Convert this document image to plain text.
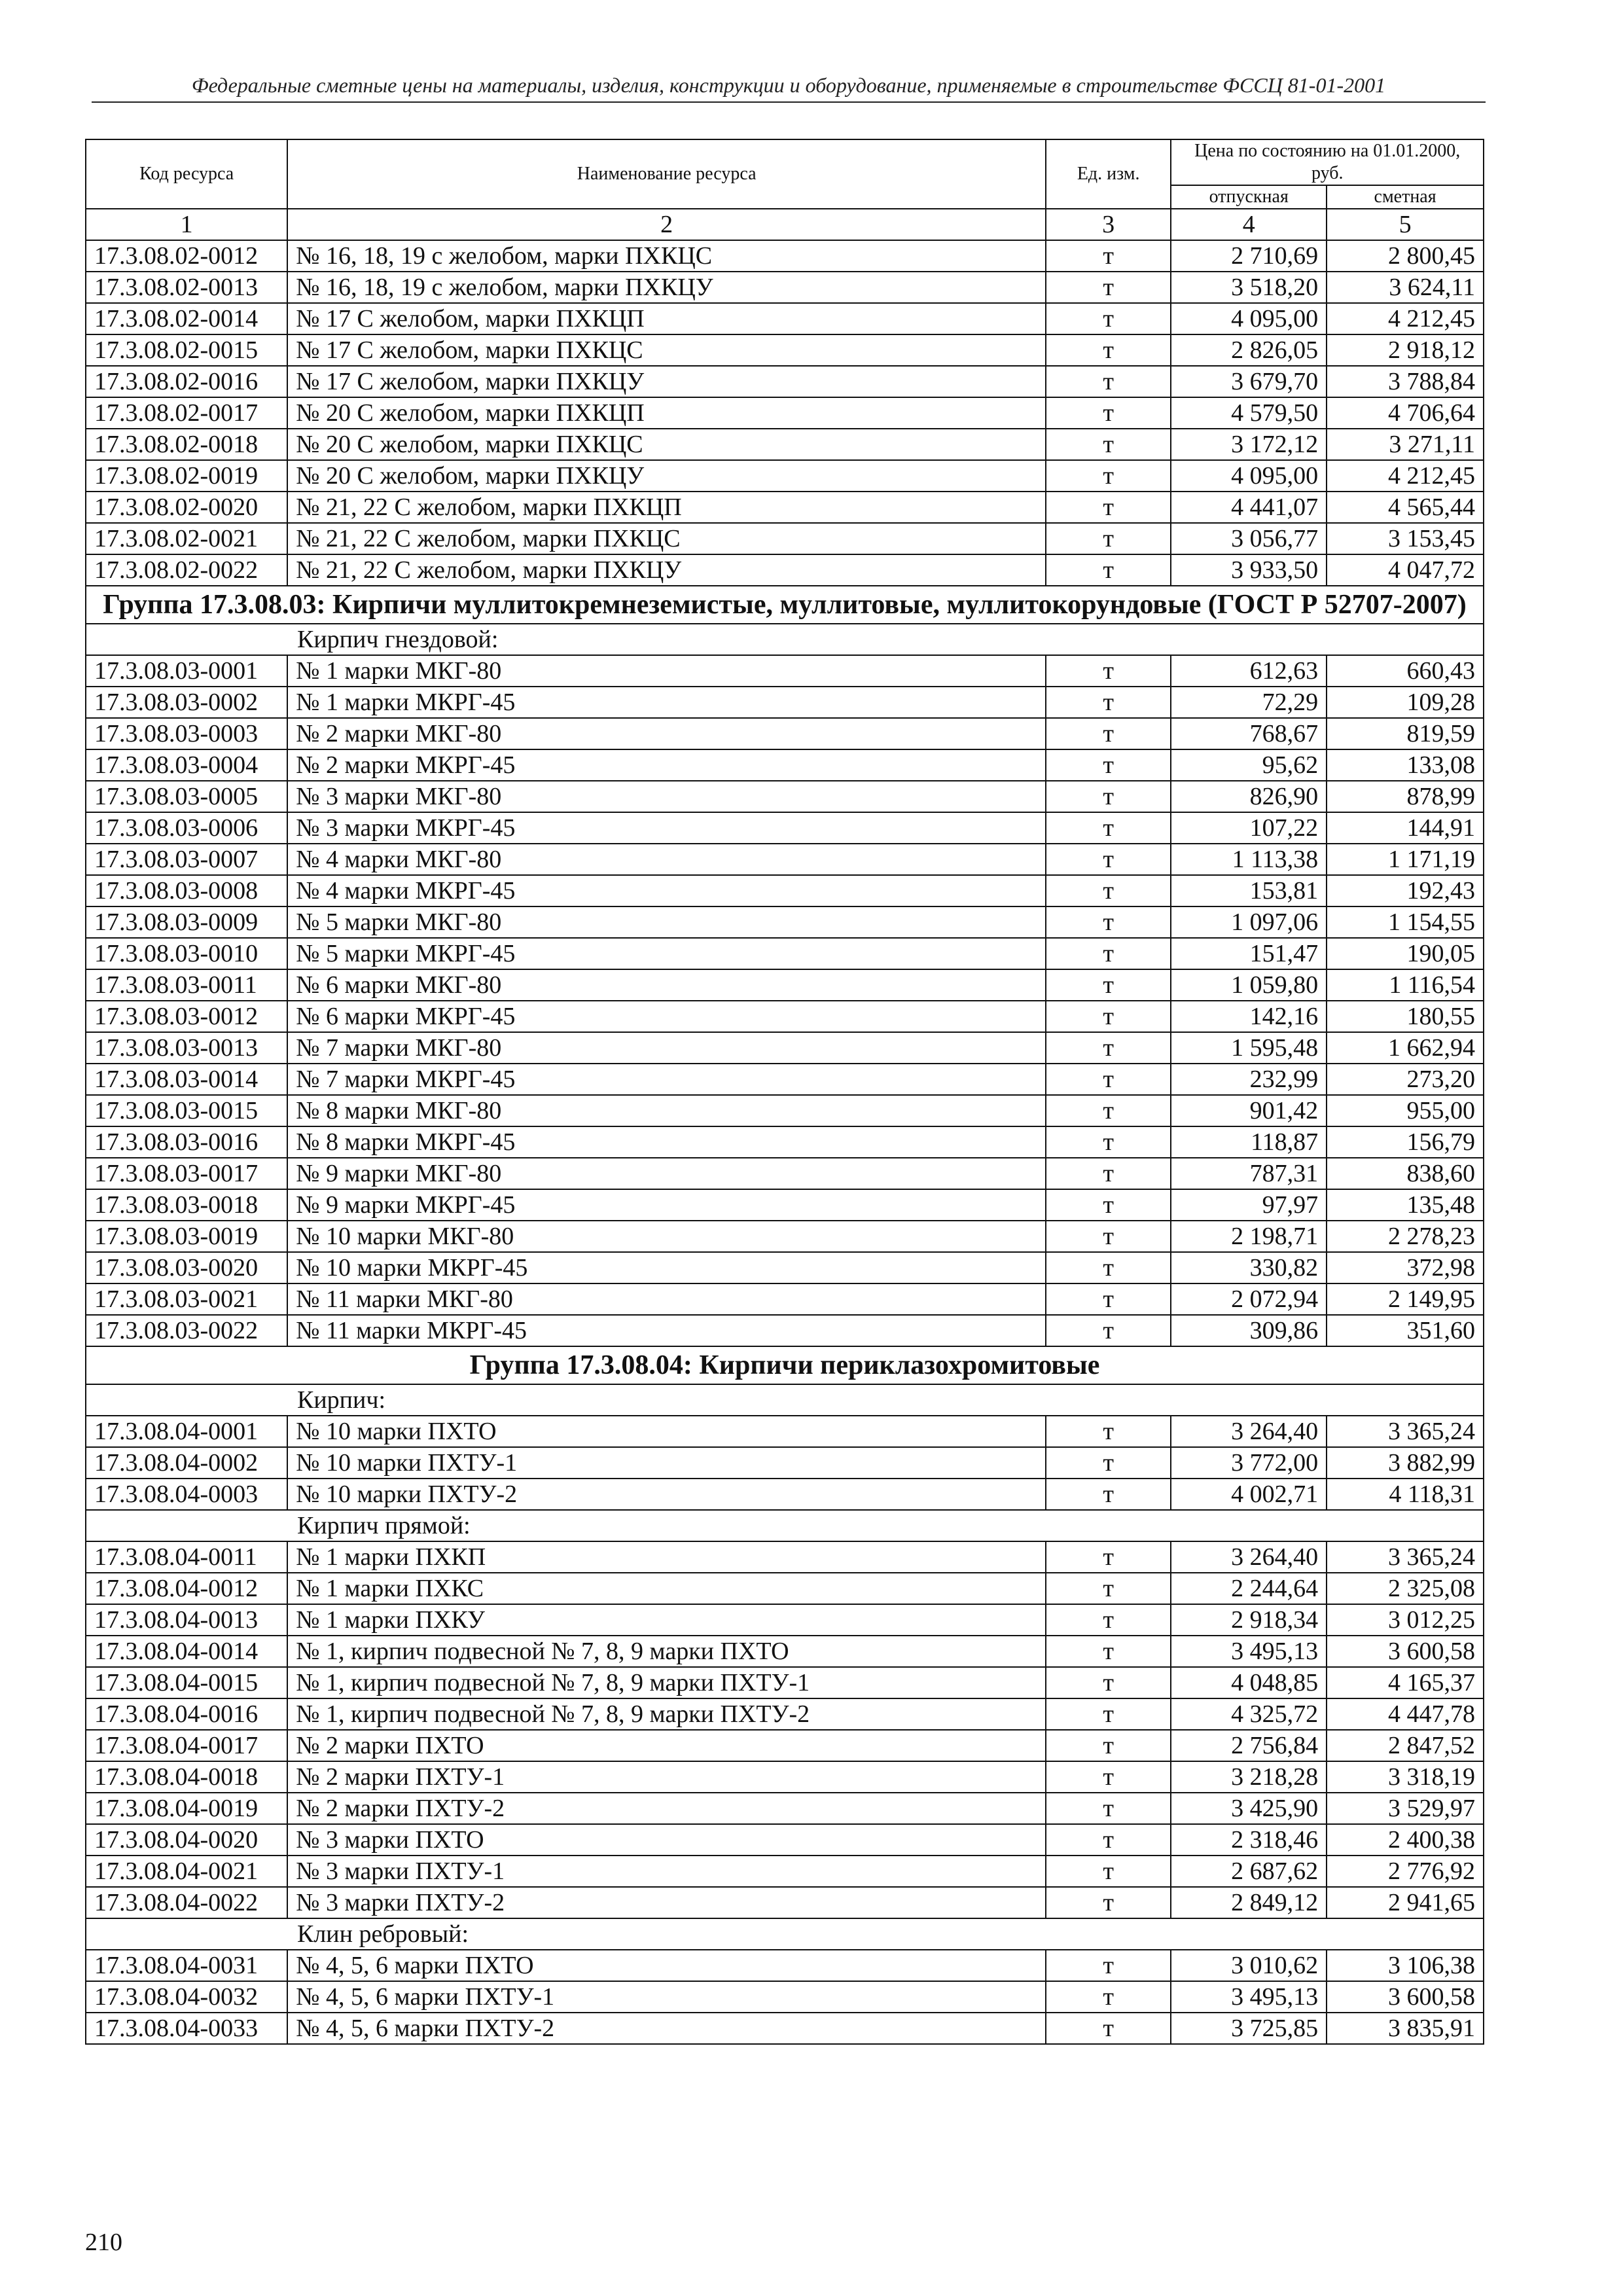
Федеральные сметные цены на материалы, изделия, конструкции и оборудование, применяемые в строительстве ФССЦ 81-01-2001
Код ресурса	Наименование ресурса	Ед. изм.	Цена по состоянию на 01.01.2000, руб.	
			отпускная	сметная
1	2	3	4	5
17.3.08.02-0012	№ 16, 18, 19 с желобом, марки ПХКЦС	т	2 710,69	2 800,45
17.3.08.02-0013	№ 16, 18, 19 с желобом, марки ПХКЦУ	т	3 518,20	3 624,11
17.3.08.02-0014	№ 17 С желобом, марки ПХКЦП	т	4 095,00	4 212,45
17.3.08.02-0015	№ 17 С желобом, марки ПХКЦС	т	2 826,05	2 918,12
17.3.08.02-0016	№ 17 С желобом, марки ПХКЦУ	т	3 679,70	3 788,84
17.3.08.02-0017	№ 20 С желобом, марки ПХКЦП	т	4 579,50	4 706,64
17.3.08.02-0018	№ 20 С желобом, марки ПХКЦС	т	3 172,12	3 271,11
17.3.08.02-0019	№ 20 С желобом, марки ПХКЦУ	т	4 095,00	4 212,45
17.3.08.02-0020	№ 21, 22 С желобом, марки ПХКЦП	т	4 441,07	4 565,44
17.3.08.02-0021	№ 21, 22 С желобом, марки ПХКЦС	т	3 056,77	3 153,45
17.3.08.02-0022	№ 21, 22 С желобом, марки ПХКЦУ	т	3 933,50	4 047,72
Группа 17.3.08.03: Кирпичи муллитокремнеземистые, муллитовые, муллитокорундовые (ГОСТ Р 52707-2007)				
Кирпич гнездовой:				
17.3.08.03-0001	№ 1 марки МКГ-80	т	612,63	660,43
17.3.08.03-0002	№ 1 марки МКРГ-45	т	72,29	109,28
17.3.08.03-0003	№ 2 марки МКГ-80	т	768,67	819,59
17.3.08.03-0004	№ 2 марки МКРГ-45	т	95,62	133,08
17.3.08.03-0005	№ 3 марки МКГ-80	т	826,90	878,99
17.3.08.03-0006	№ 3 марки МКРГ-45	т	107,22	144,91
17.3.08.03-0007	№ 4 марки МКГ-80	т	1 113,38	1 171,19
17.3.08.03-0008	№ 4 марки МКРГ-45	т	153,81	192,43
17.3.08.03-0009	№ 5 марки МКГ-80	т	1 097,06	1 154,55
17.3.08.03-0010	№ 5 марки МКРГ-45	т	151,47	190,05
17.3.08.03-0011	№ 6 марки МКГ-80	т	1 059,80	1 116,54
17.3.08.03-0012	№ 6 марки МКРГ-45	т	142,16	180,55
17.3.08.03-0013	№ 7 марки МКГ-80	т	1 595,48	1 662,94
17.3.08.03-0014	№ 7 марки МКРГ-45	т	232,99	273,20
17.3.08.03-0015	№ 8 марки МКГ-80	т	901,42	955,00
17.3.08.03-0016	№ 8 марки МКРГ-45	т	118,87	156,79
17.3.08.03-0017	№ 9 марки МКГ-80	т	787,31	838,60
17.3.08.03-0018	№ 9 марки МКРГ-45	т	97,97	135,48
17.3.08.03-0019	№ 10 марки МКГ-80	т	2 198,71	2 278,23
17.3.08.03-0020	№ 10 марки МКРГ-45	т	330,82	372,98
17.3.08.03-0021	№ 11 марки МКГ-80	т	2 072,94	2 149,95
17.3.08.03-0022	№ 11 марки МКРГ-45	т	309,86	351,60
Группа 17.3.08.04: Кирпичи периклазохромитовые				
Кирпич:				
17.3.08.04-0001	№ 10 марки ПХТО	т	3 264,40	3 365,24
17.3.08.04-0002	№ 10 марки ПХТУ-1	т	3 772,00	3 882,99
17.3.08.04-0003	№ 10 марки ПХТУ-2	т	4 002,71	4 118,31
Кирпич прямой:				
17.3.08.04-0011	№ 1 марки ПХКП	т	3 264,40	3 365,24
17.3.08.04-0012	№ 1 марки ПХКС	т	2 244,64	2 325,08
17.3.08.04-0013	№ 1 марки ПХКУ	т	2 918,34	3 012,25
17.3.08.04-0014	№ 1, кирпич подвесной № 7, 8, 9 марки ПХТО	т	3 495,13	3 600,58
17.3.08.04-0015	№ 1, кирпич подвесной № 7, 8, 9 марки ПХТУ-1	т	4 048,85	4 165,37
17.3.08.04-0016	№ 1, кирпич подвесной № 7, 8, 9 марки ПХТУ-2	т	4 325,72	4 447,78
17.3.08.04-0017	№ 2 марки ПХТО	т	2 756,84	2 847,52
17.3.08.04-0018	№ 2 марки ПХТУ-1	т	3 218,28	3 318,19
17.3.08.04-0019	№ 2 марки ПХТУ-2	т	3 425,90	3 529,97
17.3.08.04-0020	№ 3 марки ПХТО	т	2 318,46	2 400,38
17.3.08.04-0021	№ 3 марки ПХТУ-1	т	2 687,62	2 776,92
17.3.08.04-0022	№ 3 марки ПХТУ-2	т	2 849,12	2 941,65
Клин ребровый:				
17.3.08.04-0031	№ 4, 5, 6 марки ПХТО	т	3 010,62	3 106,38
17.3.08.04-0032	№ 4, 5, 6 марки ПХТУ-1	т	3 495,13	3 600,58
17.3.08.04-0033	№ 4, 5, 6 марки ПХТУ-2	т	3 725,85	3 835,91
210
